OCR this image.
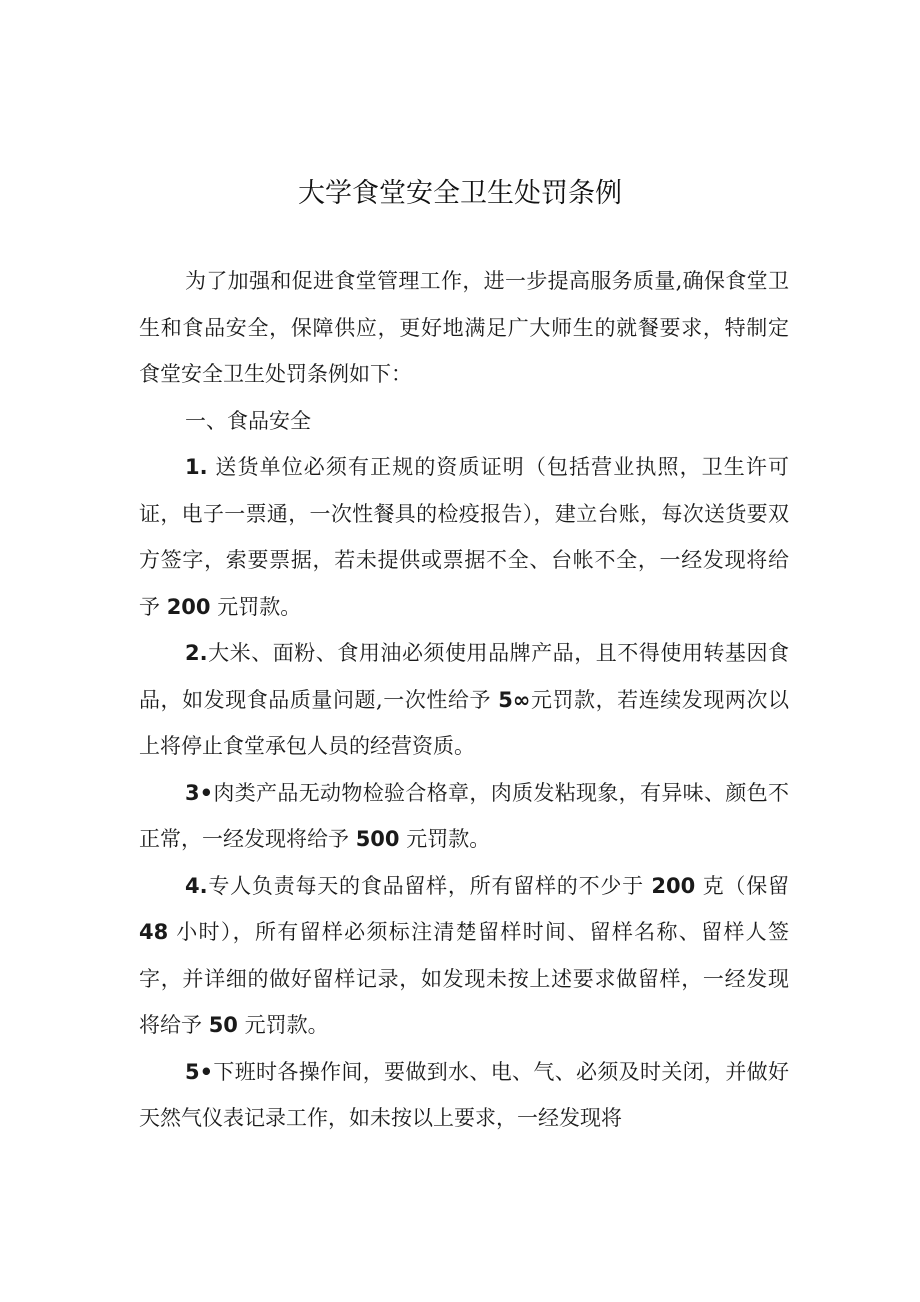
大学食堂安全卫生处罚条例

为了加强和促进食堂管理工作，进一步提高服务质量,确保食堂卫生和食品安全，保障供应，更好地满足广大师生的就餐要求，特制定食堂安全卫生处罚条例如下：

一、食品安全

1. 送货单位必须有正规的资质证明（包括营业执照，卫生许可证，电子一票通，一次性餐具的检疫报告），建立台账，每次送货要双方签字，索要票据，若未提供或票据不全、台帐不全，一经发现将给予 200 元罚款。

2.大米、面粉、食用油必须使用品牌产品，且不得使用转基因食品，如发现食品质量问题,一次性给予 5∞元罚款，若连续发现两次以上将停止食堂承包人员的经营资质。

3•肉类产品无动物检验合格章，肉质发粘现象，有异味、颜色不正常，一经发现将给予 500 元罚款。

4.专人负责每天的食品留样，所有留样的不少于 200 克（保留 48 小时），所有留样必须标注清楚留样时间、留样名称、留样人签字，并详细的做好留样记录，如发现未按上述要求做留样，一经发现将给予 50 元罚款。

5•下班时各操作间，要做到水、电、气、必须及时关闭，并做好天然气仪表记录工作，如未按以上要求，一经发现将
